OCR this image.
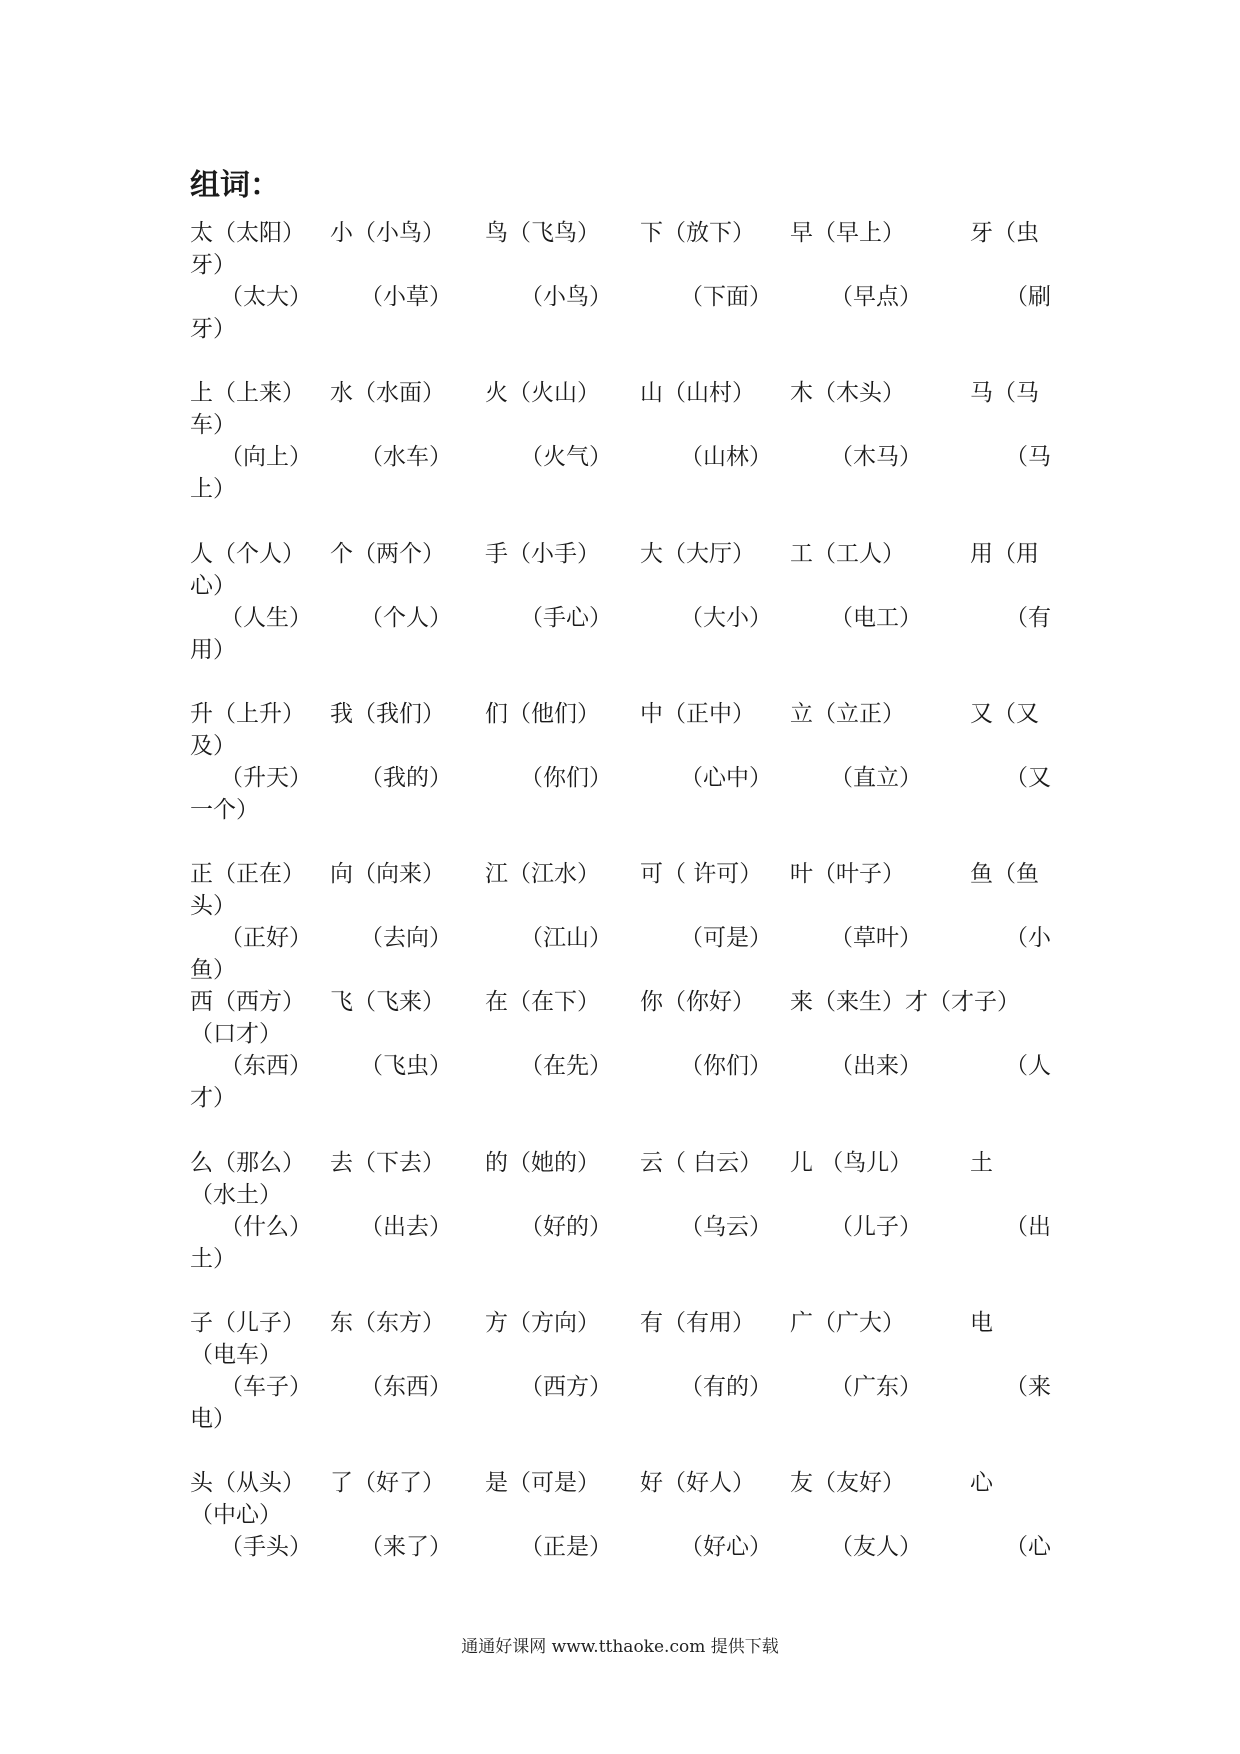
组词：
太（太阳） 小（小鸟） 鸟（飞鸟） 下（放下） 早（早上）	牙（虫
牙）
（太大） （小草）	（小鸟）	（下面）	（早点）	（刷
牙）
上（上来） 水（水面） 火（火山） 山（山村） 木（木头）	马（马
车）
（向上） （水车）	（火气）	（山林）	（木马）	（马
上）
人（个人） 个（两个） 手（小手） 大（大厅） 工（工人）	用（用
心）
（人生） （个人）	（手心）	（大小）	（电工）	（有
用）
升（上升） 我（我们） 们（他们） 中（正中） 立（立正）	又（又
及）
（升天） （我的）	（你们）	（心中）	（直立）	（又
一个）
正（正在） 向（向来） 江（江水） 可（ 许可） 叶（叶子）	鱼（鱼
头）
（正好） （去向）	（江山）	（可是）	（草叶）	（小
鱼）
西（西方） 飞（飞来） 在（在下） 你（你好） 来（来生）才（才子）
（口才）
（东西） （飞虫）	（在先）	（你们）	（出来）	（人
才）
么（那么） 去（下去） 的（她的） 云（ 白云） 儿 （鸟儿）	土
（水土）
（什么） （出去）	（好的）	（乌云）	（儿子）	（出
土）
子（儿子） 东（东方） 方（方向） 有（有用） 广（广大）	电
（电车）
（车子） （东西）	（西方）	（有的）	（广东）	（来
电）
头（从头） 了（好了） 是（可是） 好（好人） 友（友好）	心
（中心）
（手头） （来了）	（正是）	（好心）	（友人）	（心
通通好课网 www.tthaoke.com 提供下载
